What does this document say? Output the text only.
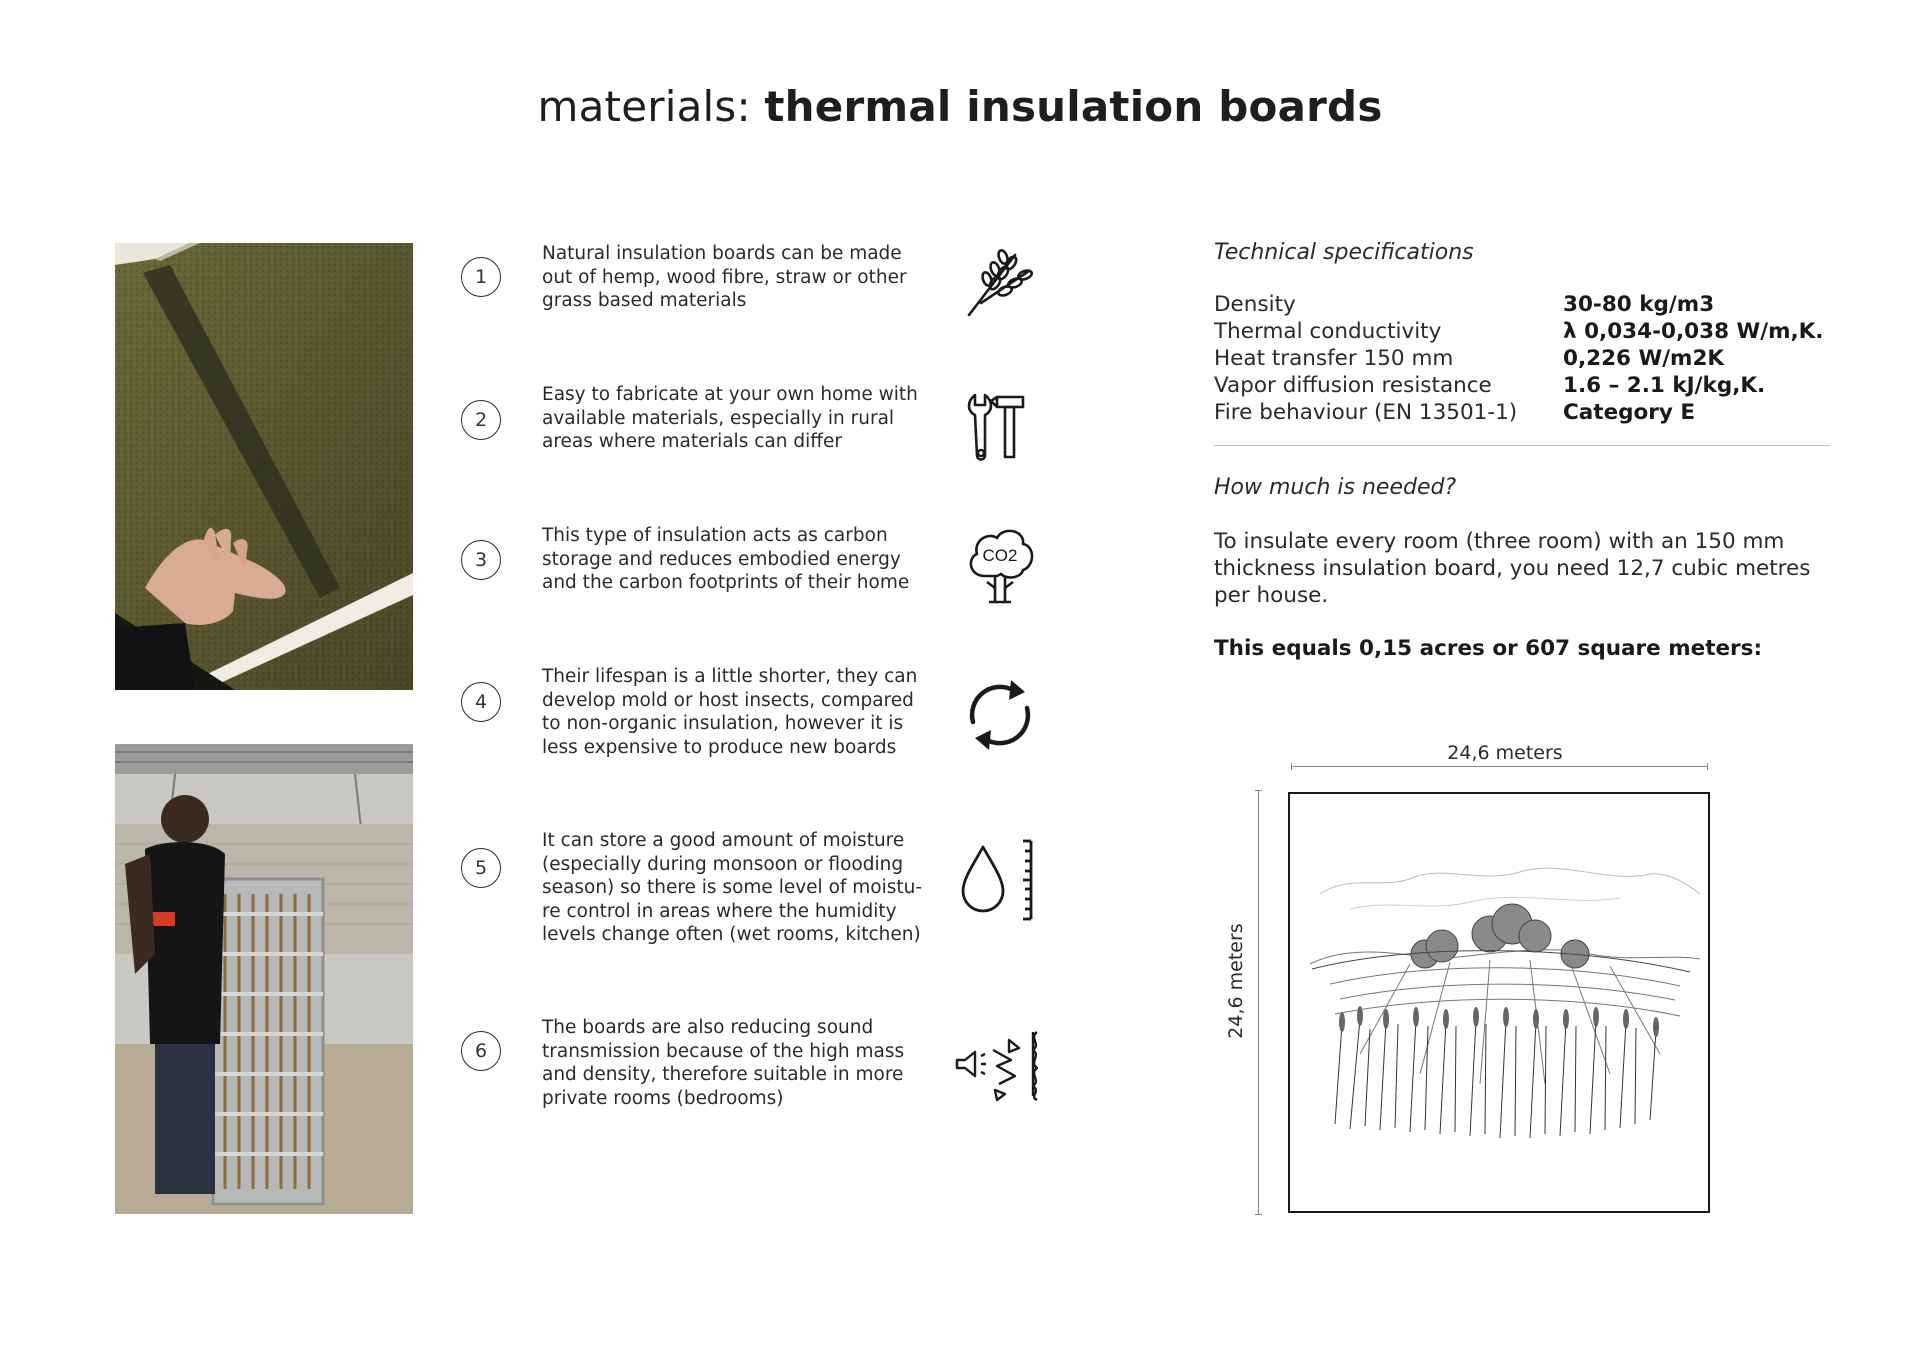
materials: thermal insulation boards
1
Natural insulation boards can be made out of hemp, wood fibre, straw or other grass based materials
2
Easy to fabricate at your own home with available materials, especially in rural areas where materials can differ
3
This type of insulation acts as carbon storage and reduces embodied energy and the carbon footprints of their home
CO2
4
Their lifespan is a little shorter, they can develop mold or host insects, compared to non-organic insulation, however it is less expensive to produce new boards
5
It can store a good amount of moisture (especially during monsoon or flooding season) so there is some level of moistu-re control in areas where the humidity levels change often (wet rooms, kitchen)
6
The boards are also reducing sound transmission because of the high mass and density, therefore suitable in more private rooms (bedrooms)
Technical specifications
Density	30-80 kg/m3
Thermal conductivity	λ 0,034-0,038 W/m,K.
Heat transfer 150 mm	0,226 W/m2K
Vapor diffusion resistance	1.6 – 2.1 kJ/kg,K.
Fire behaviour (EN 13501-1)	Category E
How much is needed?
To insulate every room (three room) with an 150 mm thickness insulation board, you need 12,7 cubic metres per house.
This equals 0,15 acres or 607 square meters:
24,6 meters
24,6 meters
